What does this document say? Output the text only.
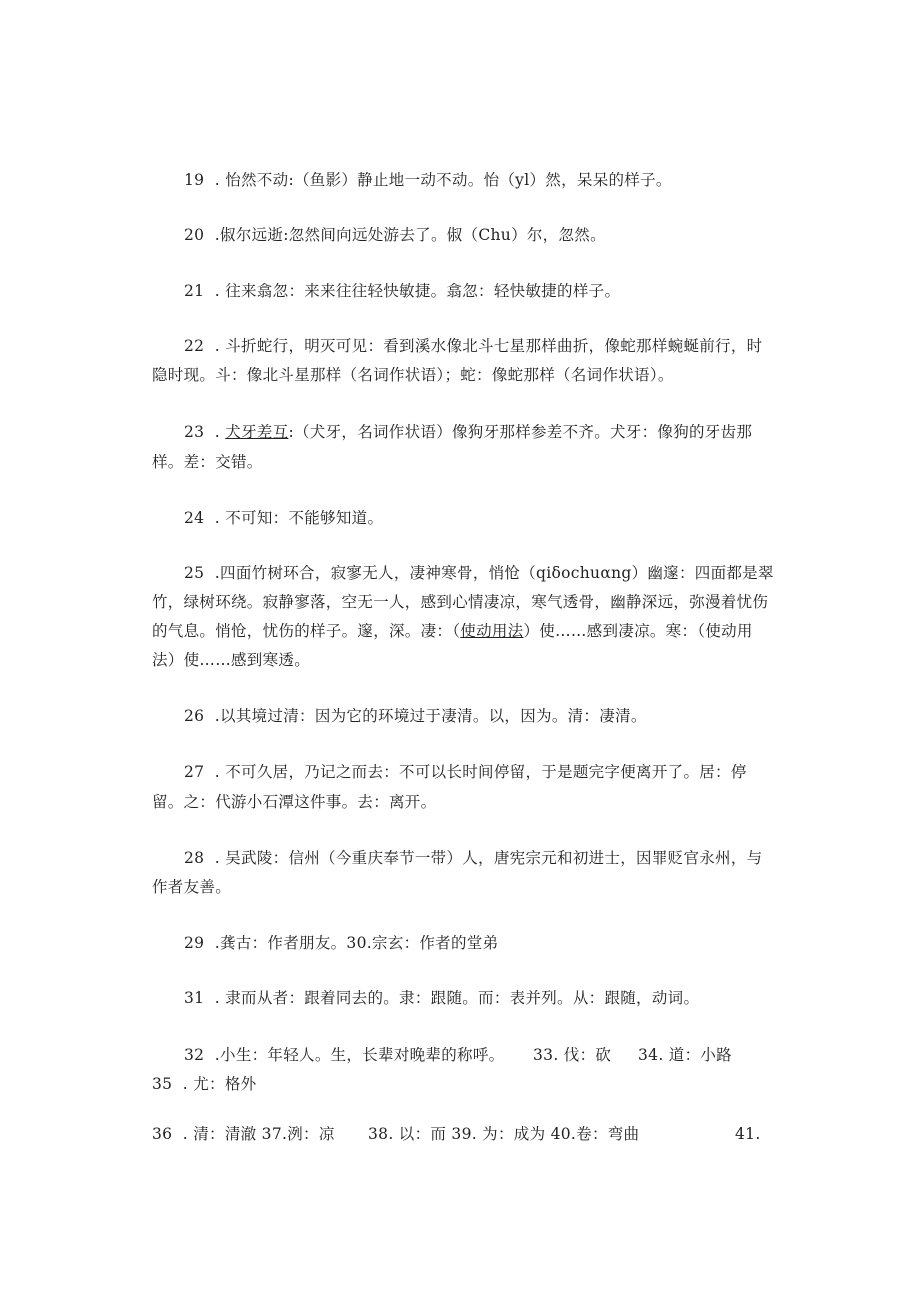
19 . 怡然不动:（鱼影）静止地一动不动。怡（yl）然，呆呆的样子。
20 .俶尔远逝:忽然间向远处游去了。俶（Chu）尔，忽然。
21 . 往来翕忽：来来往往轻快敏捷。翕忽：轻快敏捷的样子。
22 . 斗折蛇行，明灭可见：看到溪水像北斗七星那样曲折，像蛇那样蜿蜒前行，时
隐时现。斗：像北斗星那样（名词作状语）；蛇：像蛇那样（名词作状语）。
23 . 犬牙差互:（犬牙，名词作状语）像狗牙那样参差不齐。犬牙：像狗的牙齿那
样。差：交错。
24 . 不可知：不能够知道。
25 .四面竹树环合，寂寥无人，凄神寒骨，悄怆（qiδochuαng）幽邃：四面都是翠
竹，绿树环绕。寂静寥落，空无一人，感到心情凄凉，寒气透骨，幽静深远，弥漫着忧伤
的气息。悄怆，忧伤的样子。邃，深。凄：（使动用法）使……感到凄凉。寒：（使动用
法）使……感到寒透。
26 .以其境过清：因为它的环境过于凄清。以，因为。清：凄清。
27 . 不可久居，乃记之而去：不可以长时间停留，于是题完字便离开了。居：停
留。之：代游小石潭这件事。去：离开。
28 . 吴武陵：信州（今重庆奉节一带）人，唐宪宗元和初进士，因罪贬官永州，与
作者友善。
29 .龚古：作者朋友。30.宗玄：作者的堂弟
31 . 隶而从者：跟着同去的。隶：跟随。而：表并列。从：跟随，动词。
32 .小生：年轻人。生，长辈对晚辈的称呼。	33. 伐：砍 34. 道：小路
35 . 尤：格外
36 . 清：清澈 37.洌：凉	38. 以：而 39. 为：成为 40.卷：弯曲	41.
